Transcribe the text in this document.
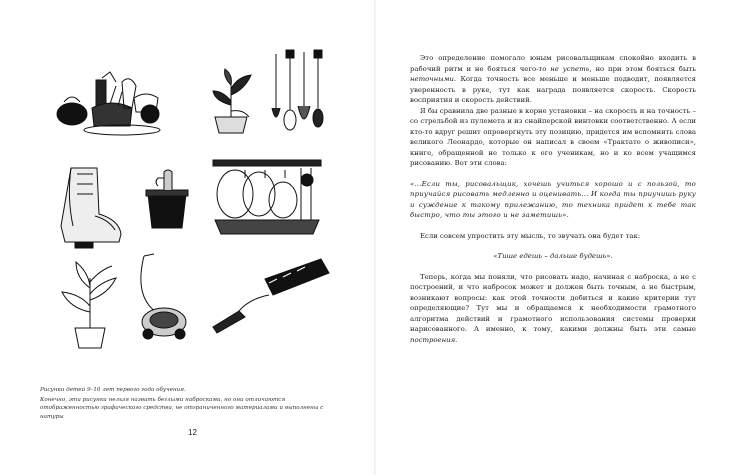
Рисунки детей 9–10 лет первого года обучения.

Конечно, эти рисунки нельзя назвать беглыми набросками, но они отличаются отображенностью графического средства, не отграниченного материалами и выполнены с натуры

12

Это определение помогало юным рисовальщикам спокойно входить в рабочий ритм и не бояться чего-то не успеть, но при этом бояться быть неточными. Когда точность все меньше и меньше подводит, появляется уверенность в руке, тут как награда появляется скорость. Скорость восприятия и скорость действий.

Я бы сравнила две разные в корне установки – на скорость и на точность – со стрельбой из пулемета и из снайперской винтовки соответственно. А если кто-то вдруг решит опровергнуть эту позицию, придется им вспомнить слова великого Леонардо, которые он написал в своем «Трактате о живописи», книге, обращенной не только к его ученикам, но и ко всем учащимся рисованию. Вот эти слова:

«...Если ты, рисовальщик, хочешь учиться хорошо и с пользой, то приучайся рисовать медленно и оценивать... И когда ты приучишь руку и суждение к такому прилежанию, то техника придет к тебе так быстро, что ты этого и не заметишь».

Если совсем упростить эту мысль, то звучать она будет так:

«Тише едешь – дальше будешь».

Теперь, когда мы поняли, что рисовать надо, начиная с наброска, а не с построений, и что набросок может и должен быть точным, а не быстрым, возникают вопросы: как этой точности добиться и какие критерии тут определяющие? Тут мы и обращаемся к необходимости грамотного алгоритма действий и грамотного использования системы проверки нарисованного. А именно, к тому, какими должны быть эти самые построения.
